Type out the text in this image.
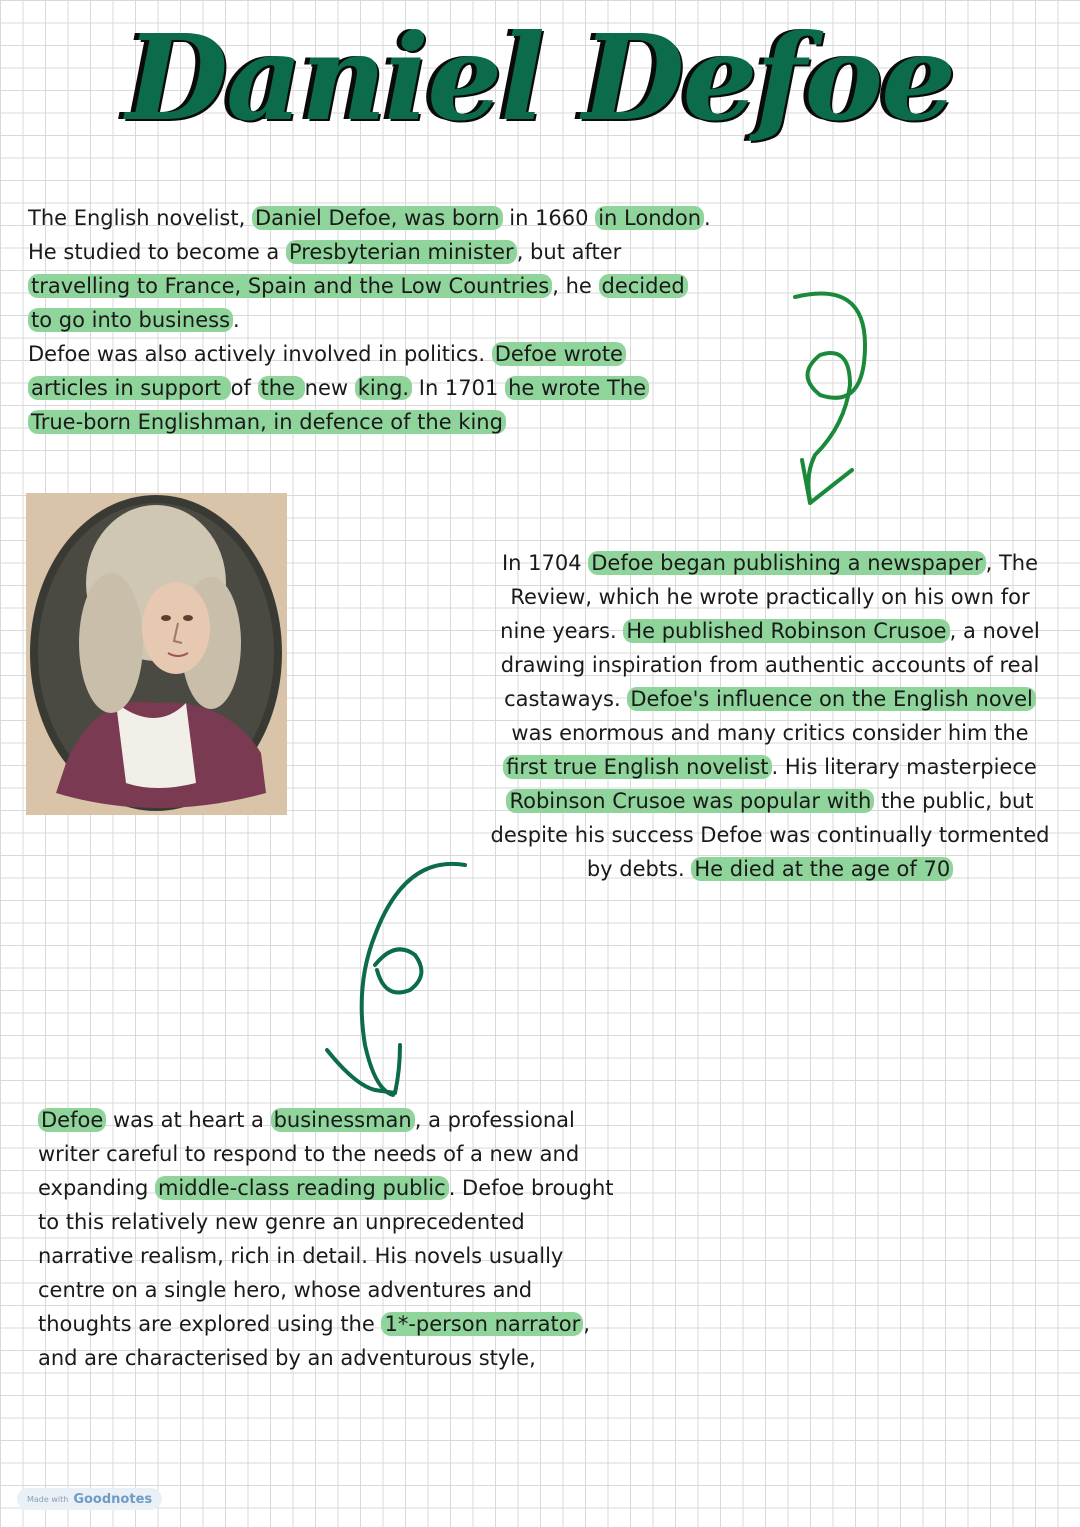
Daniel Defoe
The English novelist, Daniel Defoe, was born in 1660 in London .
He studied to become a Presbyterian minister , but after
travelling to France, Spain and the Low Countries , he decided
to go into business .
Defoe was also actively involved in politics. Defoe wrote
articles in support of the new king. In 1701 he wrote The
True-born Englishman, in defence of the king
In 1704 Defoe began publishing a newspaper , The
Review, which he wrote practically on his own for
nine years. He published Robinson Crusoe , a novel
drawing inspiration from authentic accounts of real
castaways. Defoe's influence on the English novel
was enormous and many critics consider him the
first true English novelist . His literary masterpiece
Robinson Crusoe was popular with the public, but
despite his success Defoe was continually tormented
by debts. He died at the age of 70
Defoe was at heart a businessman , a professional
writer careful to respond to the needs of a new and
expanding middle-class reading public . Defoe brought
to this relatively new genre an unprecedented
narrative realism, rich in detail. His novels usually
centre on a single hero, whose adventures and
thoughts are explored using the 1*-person narrator ,
and are characterised by an adventurous style,
Made with Goodnotes
